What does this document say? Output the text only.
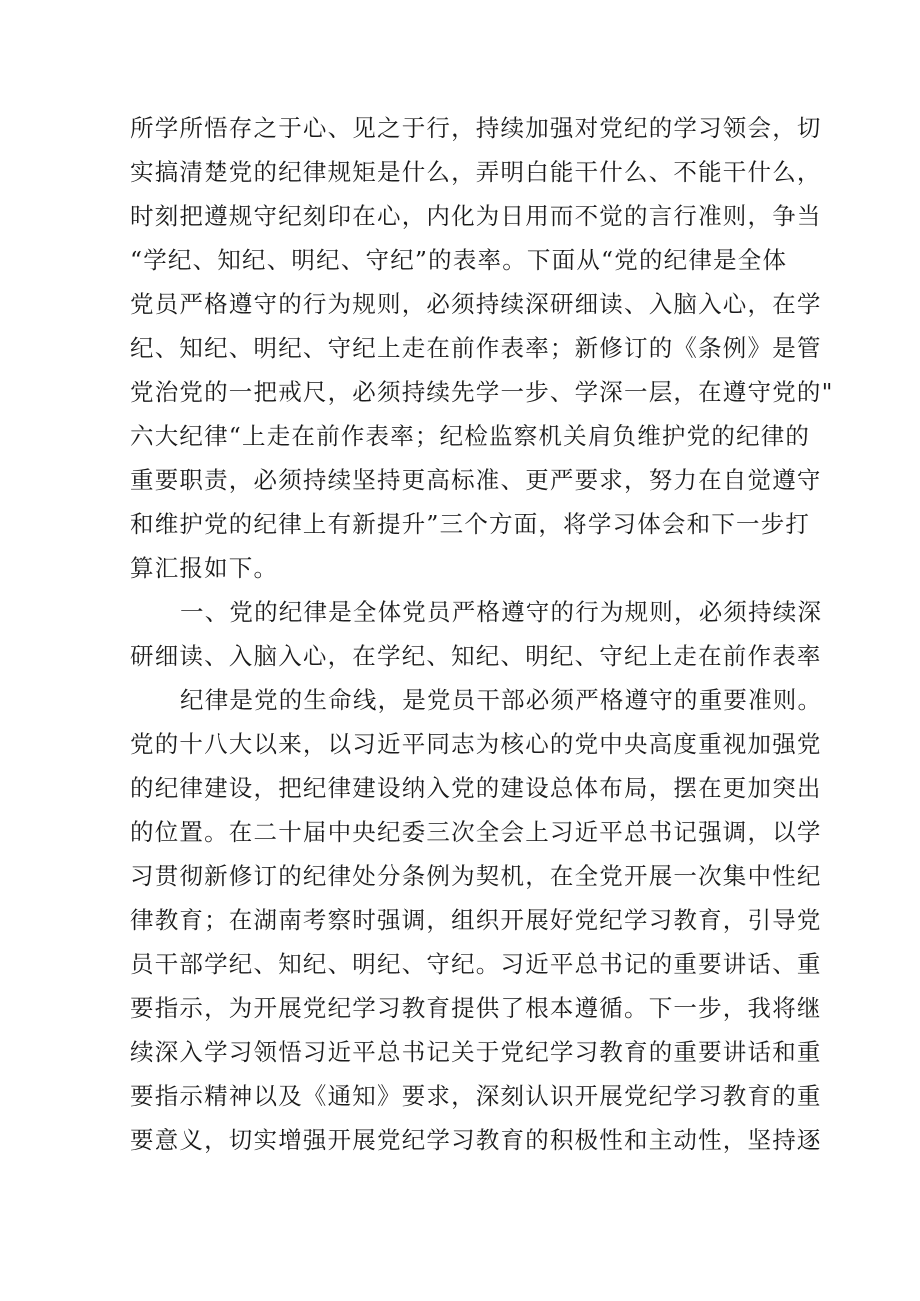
所学所悟存之于心、见之于行，持续加强对党纪的学习领会，切
实搞清楚党的纪律规矩是什么，弄明白能干什么、不能干什么，
时刻把遵规守纪刻印在心，内化为日用而不觉的言行准则，争当
“学纪、知纪、明纪、守纪”的表率。下面从“党的纪律是全体
党员严格遵守的行为规则，必须持续深研细读、入脑入心，在学
纪、知纪、明纪、守纪上走在前作表率；新修订的《条例》是管
党治党的一把戒尺，必须持续先学一步、学深一层，在遵守党的"
六大纪律“上走在前作表率；纪检监察机关肩负维护党的纪律的
重要职责，必须持续坚持更高标准、更严要求，努力在自觉遵守
和维护党的纪律上有新提升”三个方面，将学习体会和下一步打
算汇报如下。
一、党的纪律是全体党员严格遵守的行为规则，必须持续深
研细读、入脑入心，在学纪、知纪、明纪、守纪上走在前作表率
纪律是党的生命线，是党员干部必须严格遵守的重要准则。
党的十八大以来，以习近平同志为核心的党中央高度重视加强党
的纪律建设，把纪律建设纳入党的建设总体布局，摆在更加突出
的位置。在二十届中央纪委三次全会上习近平总书记强调，以学
习贯彻新修订的纪律处分条例为契机，在全党开展一次集中性纪
律教育；在湖南考察时强调，组织开展好党纪学习教育，引导党
员干部学纪、知纪、明纪、守纪。习近平总书记的重要讲话、重
要指示，为开展党纪学习教育提供了根本遵循。下一步，我将继
续深入学习领悟习近平总书记关于党纪学习教育的重要讲话和重
要指示精神以及《通知》要求，深刻认识开展党纪学习教育的重
要意义，切实增强开展党纪学习教育的积极性和主动性，坚持逐
